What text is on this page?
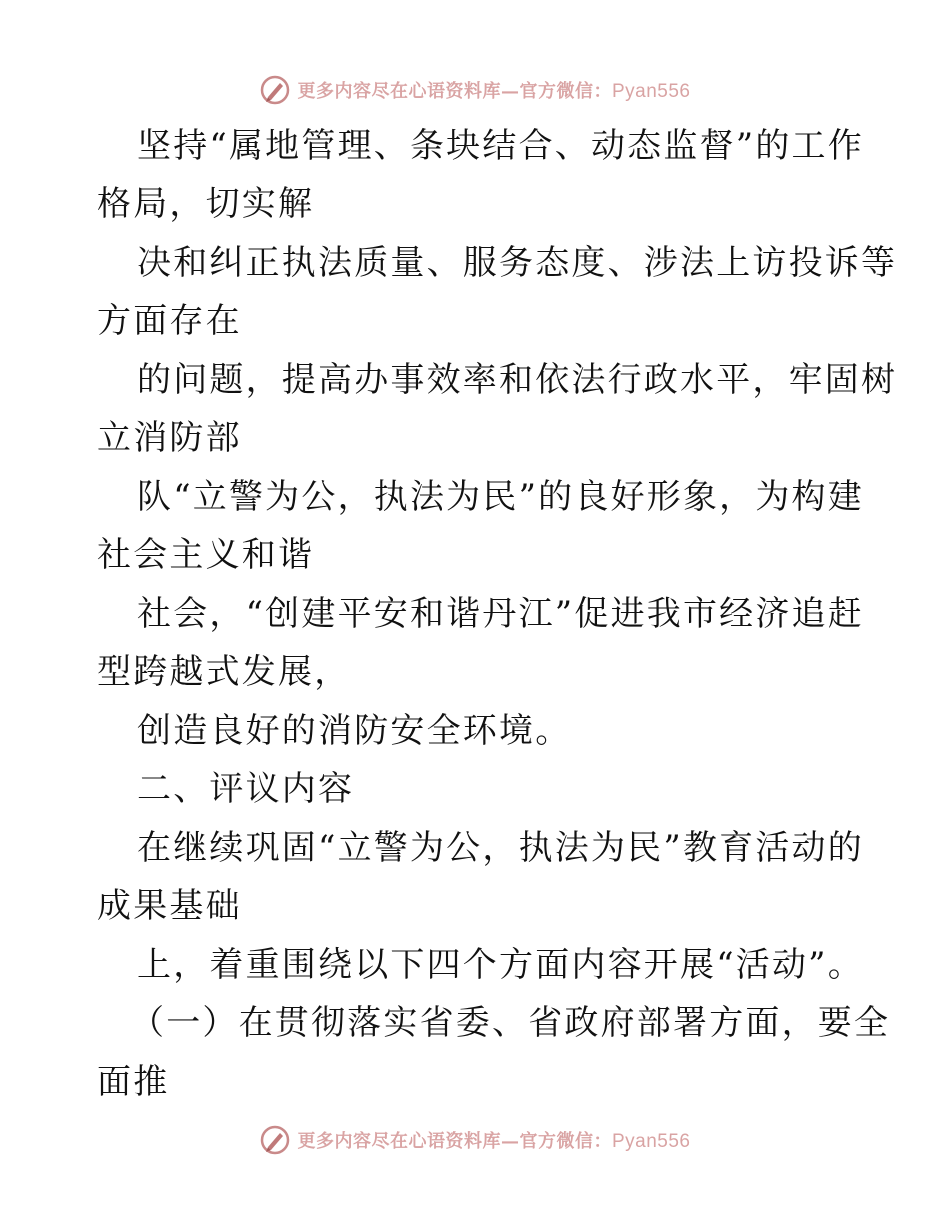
更多内容尽在心语资料库—官方微信：Pyan556
坚持“属地管理、条块结合、动态监督”的工作
格局，切实解
决和纠正执法质量、服务态度、涉法上访投诉等
方面存在
的问题，提高办事效率和依法行政水平，牢固树
立消防部
队“立警为公，执法为民”的良好形象，为构建
社会主义和谐
社会，“创建平安和谐丹江”促进我市经济追赶
型跨越式发展，
创造良好的消防安全环境。
二、评议内容
在继续巩固“立警为公，执法为民”教育活动的
成果基础
上，着重围绕以下四个方面内容开展“活动”。
（一）在贯彻落实省委、省政府部署方面，要全
面推
更多内容尽在心语资料库—官方微信：Pyan556
